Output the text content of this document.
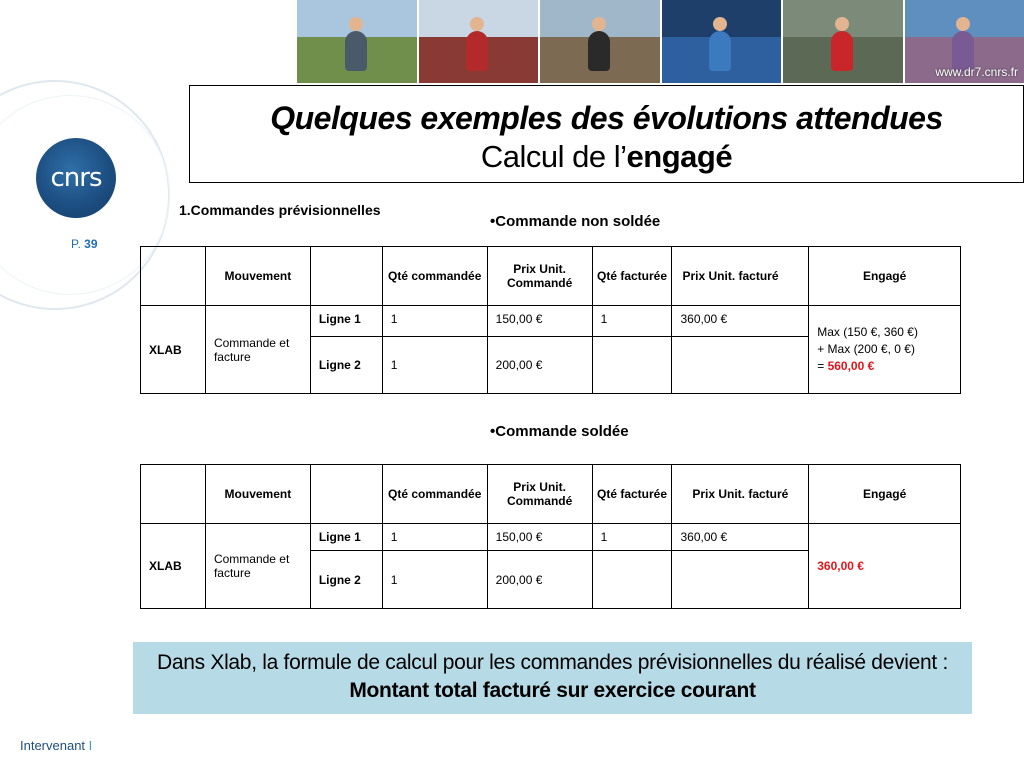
www.dr7.cnrs.fr
cnrs
P. 39
Quelques exemples des évolutions attendues
Calcul de l’engagé
1.Commandes prévisionnelles
•Commande non soldée
	Mouvement		Qté commandée	Prix Unit. Commandé	Qté facturée	Prix Unit. facturé	Engagé
XLAB	Commande et facture	Ligne 1	1	150,00 €	1	360,00 €	Max (150 €, 360 €)
+ Max (200 €, 0 €)
= 560,00 €

		Ligne 2	1	200,00 €			
•Commande soldée
	Mouvement		Qté commandée	Prix Unit. Commandé	Qté facturée	Prix Unit. facturé	Engagé
XLAB	Commande et facture	Ligne 1	1	150,00 €	1	360,00 €	360,00 €
		Ligne 2	1	200,00 €			
Dans Xlab, la formule de calcul pour les commandes prévisionnelles du réalisé devient :
Montant total facturé sur exercice courant
Intervenant I
